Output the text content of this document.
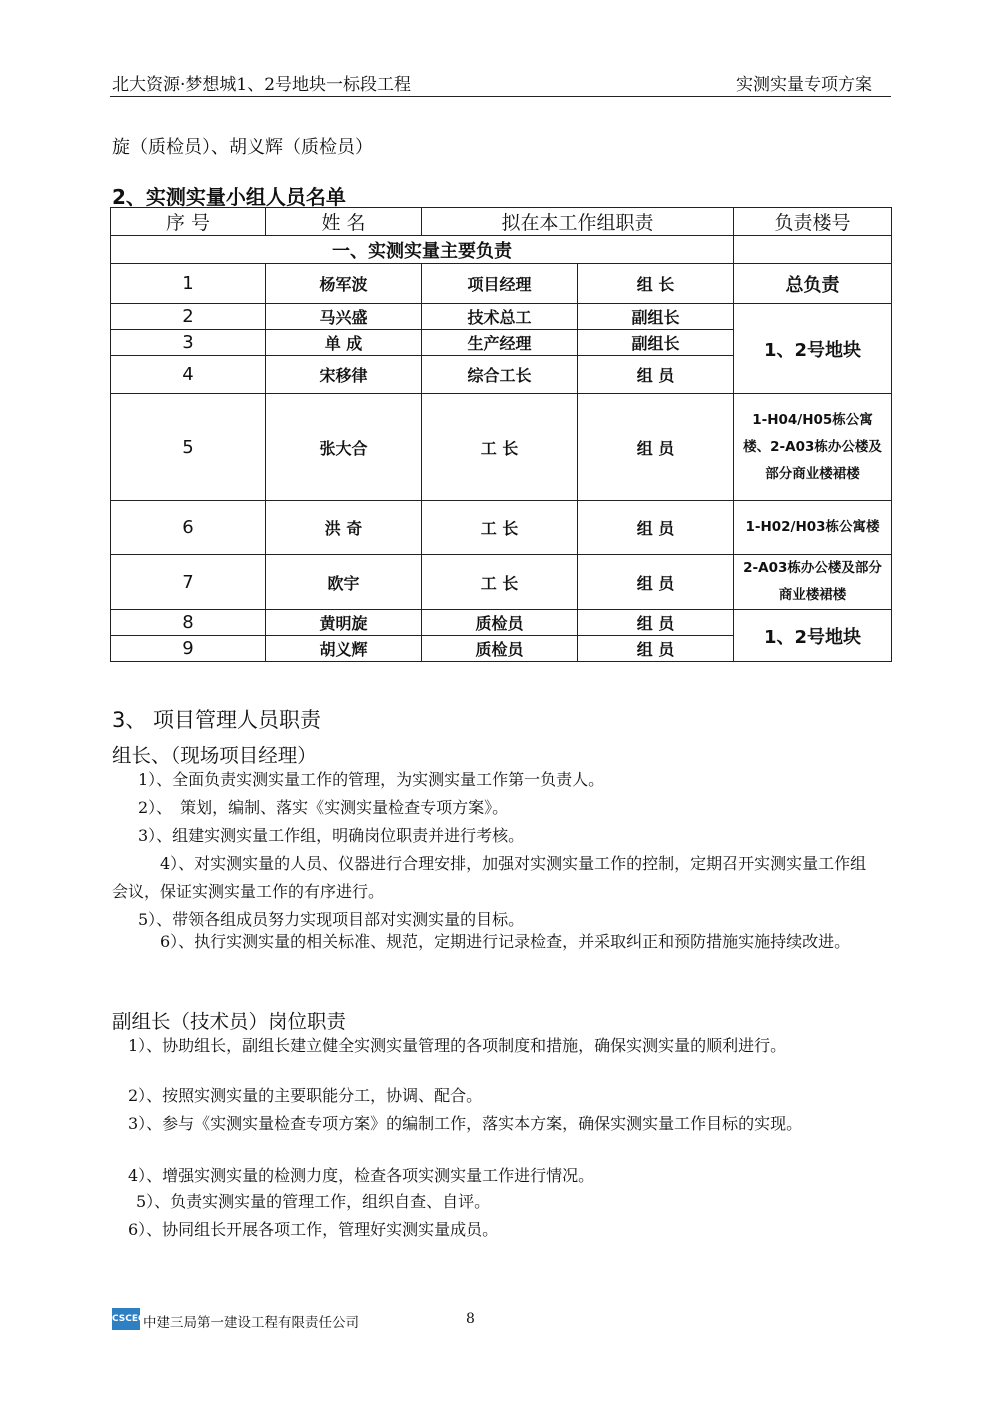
北大资源·梦想城1、2号地块一标段工程	实测实量专项方案
旋（质检员）、胡义辉（质检员）
2、实测实量小组人员名单
序 号	姓 名	拟在本工作组职责		负责楼号
一、实测实量主要负责				
1	杨军波	项目经理	组 长	总负责
2	马兴盛	技术总工	副组长	1、2号地块
3	单 成	生产经理	副组长	
4	宋移律	综合工长	组 员	
5	张大合	工 长	组 员	1-H04/H05栋公寓楼、2-A03栋办公楼及部分商业楼裙楼
6	洪 奇	工 长	组 员	1-H02/H03栋公寓楼
7	欧宇	工 长	组 员	2-A03栋办公楼及部分商业楼裙楼
8	黄明旋	质检员	组 员	1、2号地块
9	胡义辉	质检员	组 员	
3、 项目管理人员职责
组长、（现场项目经理）
1）、全面负责实测实量工作的管理，为实测实量工作第一负责人。
2）、　策划，编制、落实《实测实量检查专项方案》。
3）、组建实测实量工作组，明确岗位职责并进行考核。
4）、对实测实量的人员、仪器进行合理安排，加强对实测实量工作的控制，定期召开实测实量工作组会议，保证实测实量工作的有序进行。
5）、带领各组成员努力实现项目部对实测实量的目标。
6）、执行实测实量的相关标准、规范，定期进行记录检查，并采取纠正和预防措施实施持续改进。
副组长（技术员）岗位职责
1）、协助组长，副组长建立健全实测实量管理的各项制度和措施，确保实测实量的顺利进行。
2）、按照实测实量的主要职能分工，协调、配合。
3）、参与《实测实量检查专项方案》的编制工作，落实本方案，确保实测实量工作目标的实现。
4）、增强实测实量的检测力度，检查各项实测实量工作进行情况。
5）、负责实测实量的管理工作，组织自查、自评。
6）、协同组长开展各项工作，管理好实测实量成员。
CSCEC
中建三局第一建设工程有限责任公司	8
